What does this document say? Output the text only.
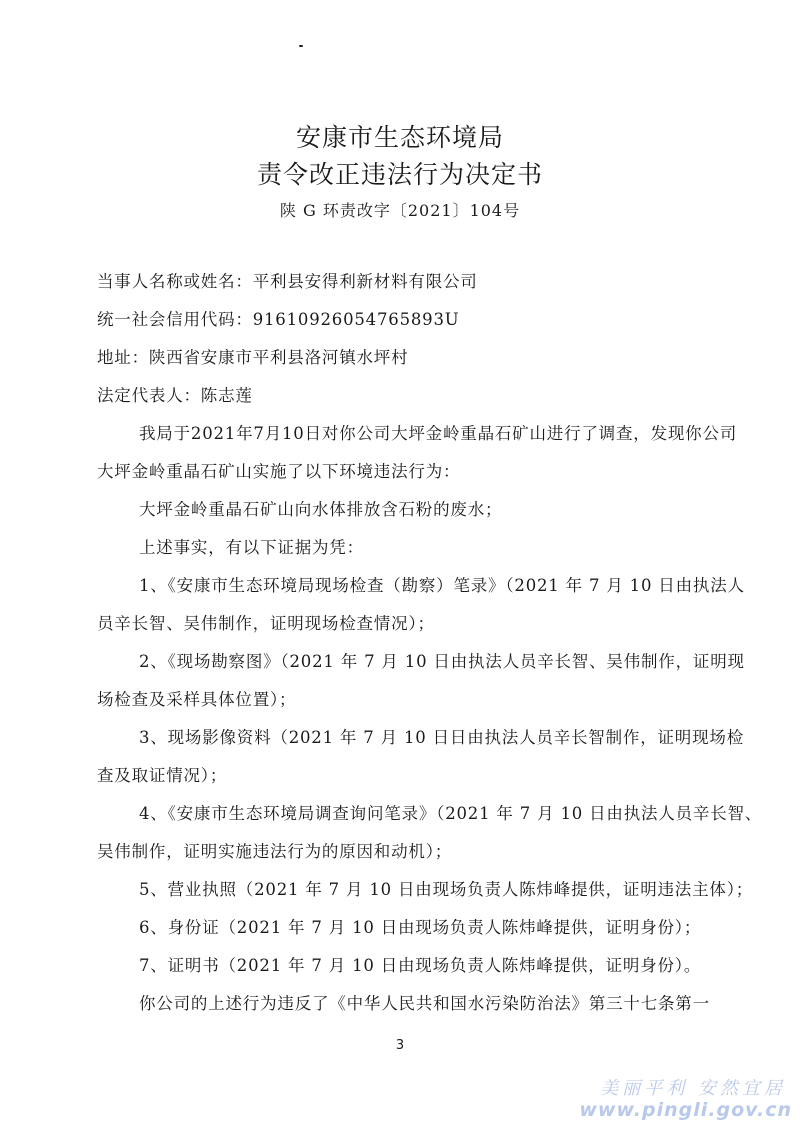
安康市生态环境局
责令改正违法行为决定书
陕 G 环责改字〔2021〕104号
当事人名称或姓名：平利县安得利新材料有限公司
统一社会信用代码：91610926054765893U
地址：陕西省安康市平利县洛河镇水坪村
法定代表人：陈志莲
我局于2021年7月10日对你公司大坪金岭重晶石矿山进行了调查，发现你公司
大坪金岭重晶石矿山实施了以下环境违法行为：
大坪金岭重晶石矿山向水体排放含石粉的废水；
上述事实，有以下证据为凭：
1、《安康市生态环境局现场检查（勘察）笔录》（2021 年 7 月 10 日由执法人
员辛长智、吴伟制作，证明现场检查情况）；
2、《现场勘察图》（2021 年 7 月 10 日由执法人员辛长智、吴伟制作，证明现
场检查及采样具体位置）；
3、现场影像资料（2021 年 7 月 10 日日由执法人员辛长智制作，证明现场检
查及取证情况）；
4、《安康市生态环境局调查询问笔录》（2021 年 7 月 10 日由执法人员辛长智、
吴伟制作，证明实施违法行为的原因和动机）；
5、营业执照（2021 年 7 月 10 日由现场负责人陈炜峰提供，证明违法主体）；
6、身份证（2021 年 7 月 10 日由现场负责人陈炜峰提供，证明身份）；
7、证明书（2021 年 7 月 10 日由现场负责人陈炜峰提供，证明身份）。
你公司的上述行为违反了《中华人民共和国水污染防治法》第三十七条第一
3
美丽平利 安然宜居
www.pingli.gov.cn
